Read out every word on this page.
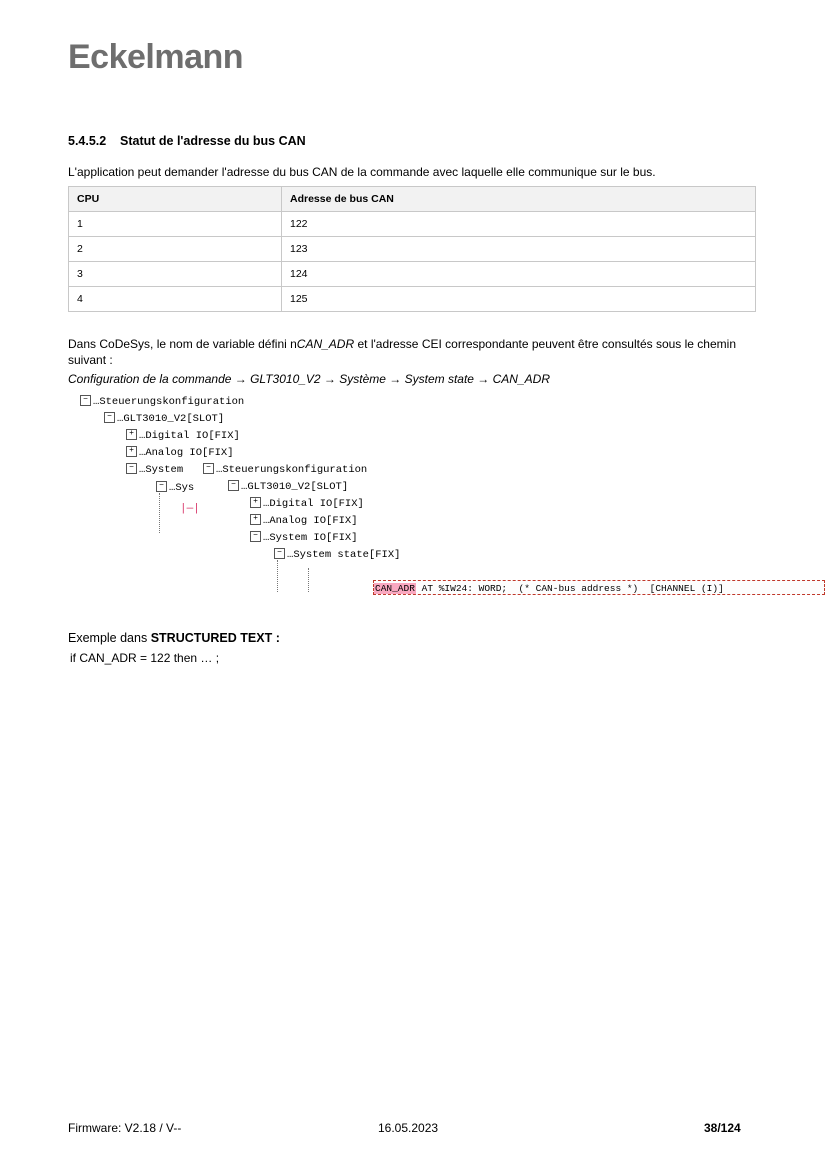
Eckelmann
5.4.5.2 Statut de l'adresse du bus CAN
L'application peut demander l'adresse du bus CAN de la commande avec laquelle elle communique sur le bus.
CPU	Adresse de bus CAN
1	122
2	123
3	124
4	125
Dans CoDeSys, le nom de variable défini nCAN_ADR et l'adresse CEI correspondante peuvent être consultés sous le chemin suivant :
Configuration de la commande → GLT3010_V2 → Système → System state → CAN_ADR
− …Steuerungskonfiguration
− …GLT3010_V2[SLOT]
+ …Digital IO[FIX]
+ …Analog IO[FIX]
− …System
− …Sys
|—|
− …Steuerungskonfiguration
− …GLT3010_V2[SLOT]
+ …Digital IO[FIX]
+ …Analog IO[FIX]
− …System IO[FIX]
− …System state[FIX]
CAN_ADR AT %IW24: WORD;  (* CAN-bus address *)  [CHANNEL (I)]
Exemple dans STRUCTURED TEXT :
if CAN_ADR = 122 then … ;
Firmware: V2.18 / V--	16.05.2023	38/124
